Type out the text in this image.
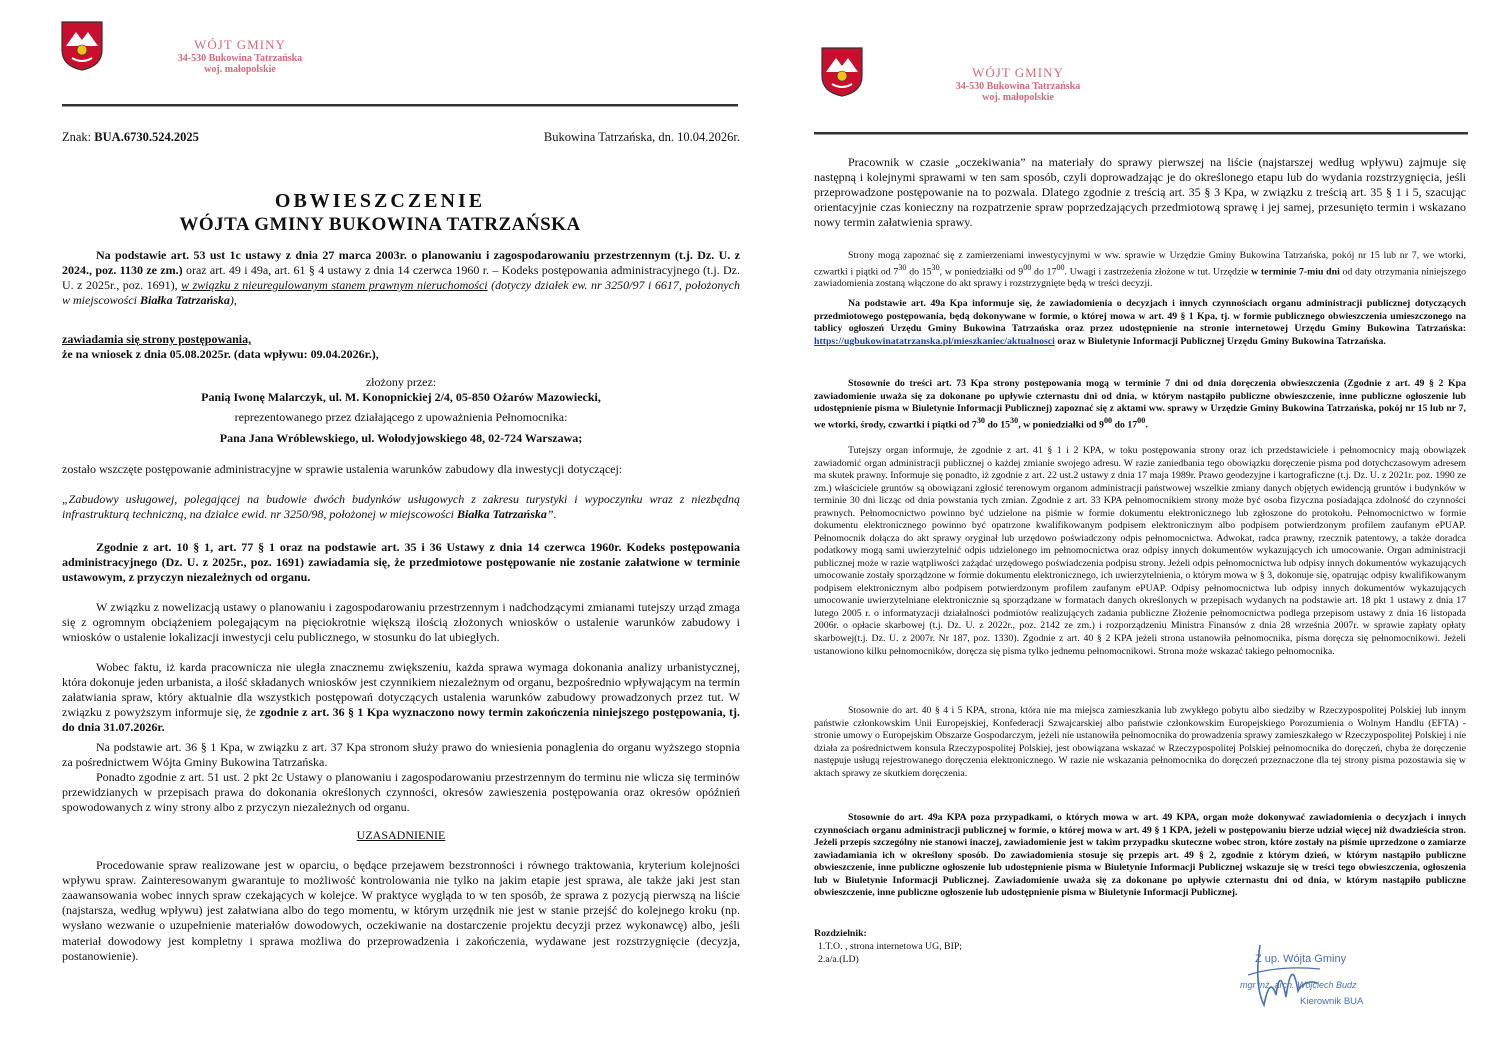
WÓJT GMINY
34-530 Bukowina Tatrzańska
woj. małopolskie
Znak: BUA.6730.524.2025	Bukowina Tatrzańska, dn. 10.04.2026r.
OBWIESZCZENIE
WÓJTA GMINY BUKOWINA TATRZAŃSKA
Na podstawie art. 53 ust 1c ustawy z dnia 27 marca 2003r. o planowaniu i zagospodarowaniu przestrzennym (t.j. Dz. U. z 2024., poz. 1130 ze zm.) oraz art. 49 i 49a, art. 61 § 4 ustawy z dnia 14 czerwca 1960 r. – Kodeks postępowania administracyjnego (t.j. Dz. U. z 2025r., poz. 1691), w związku z nieuregulowanym stanem prawnym nieruchomości (dotyczy działek ew. nr 3250/97 i 6617, położonych w miejscowości Białka Tatrzańska),
zawiadamia się strony postępowania,
że na wniosek z dnia 05.08.2025r. (data wpływu: 09.04.2026r.),
złożony przez:
Panią Iwonę Malarczyk, ul. M. Konopnickiej 2/4, 05-850 Ożarów Mazowiecki,
reprezentowanego przez działającego z upoważnienia Pełnomocnika:
Pana Jana Wróblewskiego, ul. Wołodyjowskiego 48, 02-724 Warszawa;
zostało wszczęte postępowanie administracyjne w sprawie ustalenia warunków zabudowy dla inwestycji dotyczącej:
„Zabudowy usługowej, polegającej na budowie dwóch budynków usługowych z zakresu turystyki i wypoczynku wraz z niezbędną infrastrukturą techniczną, na działce ewid. nr 3250/98, położonej w miejscowości Białka Tatrzańska”.
Zgodnie z art. 10 § 1, art. 77 § 1 oraz na podstawie art. 35 i 36 Ustawy z dnia 14 czerwca 1960r. Kodeks postępowania administracyjnego (Dz. U. z 2025r., poz. 1691) zawiadamia się, że przedmiotowe postępowanie nie zostanie załatwione w terminie ustawowym, z przyczyn niezależnych od organu.
W związku z nowelizacją ustawy o planowaniu i zagospodarowaniu przestrzennym i nadchodzącymi zmianami tutejszy urząd zmaga się z ogromnym obciążeniem polegającym na pięciokrotnie większą ilością złożonych wniosków o ustalenie warunków zabudowy i wniosków o ustalenie lokalizacji inwestycji celu publicznego, w stosunku do lat ubiegłych.
Wobec faktu, iż karda pracownicza nie uległa znacznemu zwiększeniu, każda sprawa wymaga dokonania analizy urbanistycznej, która dokonuje jeden urbanista, a ilość składanych wniosków jest czynnikiem niezależnym od organu, bezpośrednio wpływającym na termin załatwiania spraw, który aktualnie dla wszystkich postępowań dotyczących ustalenia warunków zabudowy prowadzonych przez tut. W związku z powyższym informuje się, że zgodnie z art. 36 § 1 Kpa wyznaczono nowy termin zakończenia niniejszego postępowania, tj. do dnia 31.07.2026r.
Na podstawie art. 36 § 1 Kpa, w związku z art. 37 Kpa stronom służy prawo do wniesienia ponaglenia do organu wyższego stopnia za pośrednictwem Wójta Gminy Bukowina Tatrzańska.
Ponadto zgodnie z art. 51 ust. 2 pkt 2c Ustawy o planowaniu i zagospodarowaniu przestrzennym do terminu nie wlicza się terminów przewidzianych w przepisach prawa do dokonania określonych czynności, okresów zawieszenia postępowania oraz okresów opóźnień spowodowanych z winy strony albo z przyczyn niezależnych od organu.
UZASADNIENIE
Procedowanie spraw realizowane jest w oparciu, o będące przejawem bezstronności i równego traktowania, kryterium kolejności wpływu spraw. Zainteresowanym gwarantuje to możliwość kontrolowania nie tylko na jakim etapie jest sprawa, ale także jaki jest stan zaawansowania wobec innych spraw czekających w kolejce. W praktyce wygląda to w ten sposób, że sprawa z pozycją pierwszą na liście (najstarsza, według wpływu) jest załatwiana albo do tego momentu, w którym urzędnik nie jest w stanie przejść do kolejnego kroku (np. wysłano wezwanie o uzupełnienie materiałów dowodowych, oczekiwanie na dostarczenie projektu decyzji przez wykonawcę) albo, jeśli materiał dowodowy jest kompletny i sprawa możliwa do przeprowadzenia i zakończenia, wydawane jest rozstrzygnięcie (decyzja, postanowienie).
WÓJT GMINY
34-530 Bukowina Tatrzańska
woj. małopolskie
Pracownik w czasie „oczekiwania” na materiały do sprawy pierwszej na liście (najstarszej według wpływu) zajmuje się następną i kolejnymi sprawami w ten sam sposób, czyli doprowadzając je do określonego etapu lub do wydania rozstrzygnięcia, jeśli przeprowadzone postępowanie na to pozwala. Dlatego zgodnie z treścią art. 35 § 3 Kpa, w związku z treścią art. 35 § 1 i 5, szacując orientacyjnie czas konieczny na rozpatrzenie spraw poprzedzających przedmiotową sprawę i jej samej, przesunięto termin i wskazano nowy termin załatwienia sprawy.
Strony mogą zapoznać się z zamierzeniami inwestycyjnymi w ww. sprawie w Urzędzie Gminy Bukowina Tatrzańska, pokój nr 15 lub nr 7, we wtorki, czwartki i piątki od $7^{30}$ do $15^{30}$, w poniedziałki od $9^{00}$ do $17^{00}$. Uwagi i zastrzeżenia złożone w tut. Urzędzie w terminie 7-miu dni od daty otrzymania niniejszego zawiadomienia zostaną włączone do akt sprawy i rozstrzygnięte będą w treści decyzji.
Na podstawie art. 49a Kpa informuje się, że zawiadomienia o decyzjach i innych czynnościach organu administracji publicznej dotyczących przedmiotowego postępowania, będą dokonywane w formie, o której mowa w art. 49 § 1 Kpa, tj. w formie publicznego obwieszczenia umieszczonego na tablicy ogłoszeń Urzędu Gminy Bukowina Tatrzańska oraz przez udostępnienie na stronie internetowej Urzędu Gminy Bukowina Tatrzańska: https://ugbukowinatatrzanska.pl/mieszkaniec/aktualnosci oraz w Biuletynie Informacji Publicznej Urzędu Gminy Bukowina Tatrzańska.
Stosownie do treści art. 73 Kpa strony postępowania mogą w terminie 7 dni od dnia doręczenia obwieszczenia (Zgodnie z art. 49 § 2 Kpa zawiadomienie uważa się za dokonane po upływie czternastu dni od dnia, w którym nastąpiło publiczne obwieszczenie, inne publiczne ogłoszenie lub udostępnienie pisma w Biuletynie Informacji Publicznej) zapoznać się z aktami ww. sprawy w Urzędzie Gminy Bukowina Tatrzańska, pokój nr 15 lub nr 7, we wtorki, środy, czwartki i piątki od $7^{30}$ do $15^{30}$, w poniedziałki od $9^{00}$ do $17^{00}$.
Tutejszy organ informuje, że zgodnie z art. 41 § 1 i 2 KPA, w toku postępowania strony oraz ich przedstawiciele i pełnomocnicy mają obowiązek zawiadomić organ administracji publicznej o każdej zmianie swojego adresu. W razie zaniedbania tego obowiązku doręczenie pisma pod dotychczasowym adresem ma skutek prawny. Informuje się ponadto, iż zgodnie z art. 22 ust.2 ustawy z dnia 17 maja 1989r. Prawo geodezyjne i kartograficzne (t.j. Dz. U. z 2021r. poz. 1990 ze zm.) właściciele gruntów są obowiązani zgłosić terenowym organom administracji państwowej wszelkie zmiany danych objętych ewidencją gruntów i budynków w terminie 30 dni licząc od dnia powstania tych zmian. Zgodnie z art. 33 KPA pełnomocnikiem strony może być osoba fizyczna posiadająca zdolność do czynności prawnych. Pełnomocnictwo powinno być udzielone na piśmie w formie dokumentu elektronicznego lub zgłoszone do protokołu. Pełnomocnictwo w formie dokumentu elektronicznego powinno być opatrzone kwalifikowanym podpisem elektronicznym albo podpisem potwierdzonym profilem zaufanym ePUAP. Pełnomocnik dołącza do akt sprawy oryginał lub urzędowo poświadczony odpis pełnomocnictwa. Adwokat, radca prawny, rzecznik patentowy, a także doradca podatkowy mogą sami uwierzytelnić odpis udzielonego im pełnomocnictwa oraz odpisy innych dokumentów wykazujących ich umocowanie. Organ administracji publicznej może w razie wątpliwości zażądać urzędowego poświadczenia podpisu strony. Jeżeli odpis pełnomocnictwa lub odpisy innych dokumentów wykazujących umocowanie zostały sporządzone w formie dokumentu elektronicznego, ich uwierzytelnienia, o którym mowa w § 3, dokonuje się, opatrując odpisy kwalifikowanym podpisem elektronicznym albo podpisem potwierdzonym profilem zaufanym ePUAP. Odpisy pełnomocnictwa lub odpisy innych dokumentów wykazujących umocowanie uwierzytelniane elektronicznie są sporządzane w formatach danych określonych w przepisach wydanych na podstawie art. 18 pkt 1 ustawy z dnia 17 lutego 2005 r. o informatyzacji działalności podmiotów realizujących zadania publiczne Złożenie pełnomocnictwa podlega przepisom ustawy z dnia 16 listopada 2006r. o opłacie skarbowej (t.j. Dz. U. z 2022r., poz. 2142 ze zm.) i rozporządzeniu Ministra Finansów z dnia 28 września 2007r. w sprawie zapłaty opłaty skarbowej(t.j. Dz. U. z 2007r. Nr 187, poz. 1330). Zgodnie z art. 40 § 2 KPA jeżeli strona ustanowiła pełnomocnika, pisma doręcza się pełnomocnikowi. Jeżeli ustanowiono kilku pełnomocników, doręcza się pisma tylko jednemu pełnomocnikowi. Strona może wskazać takiego pełnomocnika.
Stosownie do art. 40 § 4 i 5 KPA, strona, która nie ma miejsca zamieszkania lub zwykłego pobytu albo siedziby w Rzeczypospolitej Polskiej lub innym państwie członkowskim Unii Europejskiej, Konfederacji Szwajcarskiej albo państwie członkowskim Europejskiego Porozumienia o Wolnym Handlu (EFTA) - stronie umowy o Europejskim Obszarze Gospodarczym, jeżeli nie ustanowiła pełnomocnika do prowadzenia sprawy zamieszkałego w Rzeczypospolitej Polskiej i nie działa za pośrednictwem konsula Rzeczypospolitej Polskiej, jest obowiązana wskazać w Rzeczypospolitej Polskiej pełnomocnika do doręczeń, chyba że doręczenie następuje usługą rejestrowanego doręczenia elektronicznego. W razie nie wskazania pełnomocnika do doręczeń przeznaczone dla tej strony pisma pozostawia się w aktach sprawy ze skutkiem doręczenia.
Stosownie do art. 49a KPA poza przypadkami, o których mowa w art. 49 KPA, organ może dokonywać zawiadomienia o decyzjach i innych czynnościach organu administracji publicznej w formie, o której mowa w art. 49 § 1 KPA, jeżeli w postępowaniu bierze udział więcej niż dwadzieścia stron. Jeżeli przepis szczególny nie stanowi inaczej, zawiadomienie jest w takim przypadku skuteczne wobec stron, które zostały na piśmie uprzedzone o zamiarze zawiadamiania ich w określony sposób. Do zawiadomienia stosuje się przepis art. 49 § 2, zgodnie z którym dzień, w którym nastąpiło publiczne obwieszczenie, inne publiczne ogłoszenie lub udostępnienie pisma w Biuletynie Informacji Publicznej wskazuje się w treści tego obwieszczenia, ogłoszenia lub w Biuletynie Informacji Publicznej. Zawiadomienie uważa się za dokonane po upływie czternastu dni od dnia, w którym nastąpiło publiczne obwieszczenie, inne publiczne ogłoszenie lub udostępnienie pisma w Biuletynie Informacji Publicznej.
Rozdzielnik:
1.T.O. , strona internetowa UG, BIP;
2.a/a.(LD)	Z up. Wójta Gminy
mgr inż. arch. Wojciech Budz
Kierownik BUA
